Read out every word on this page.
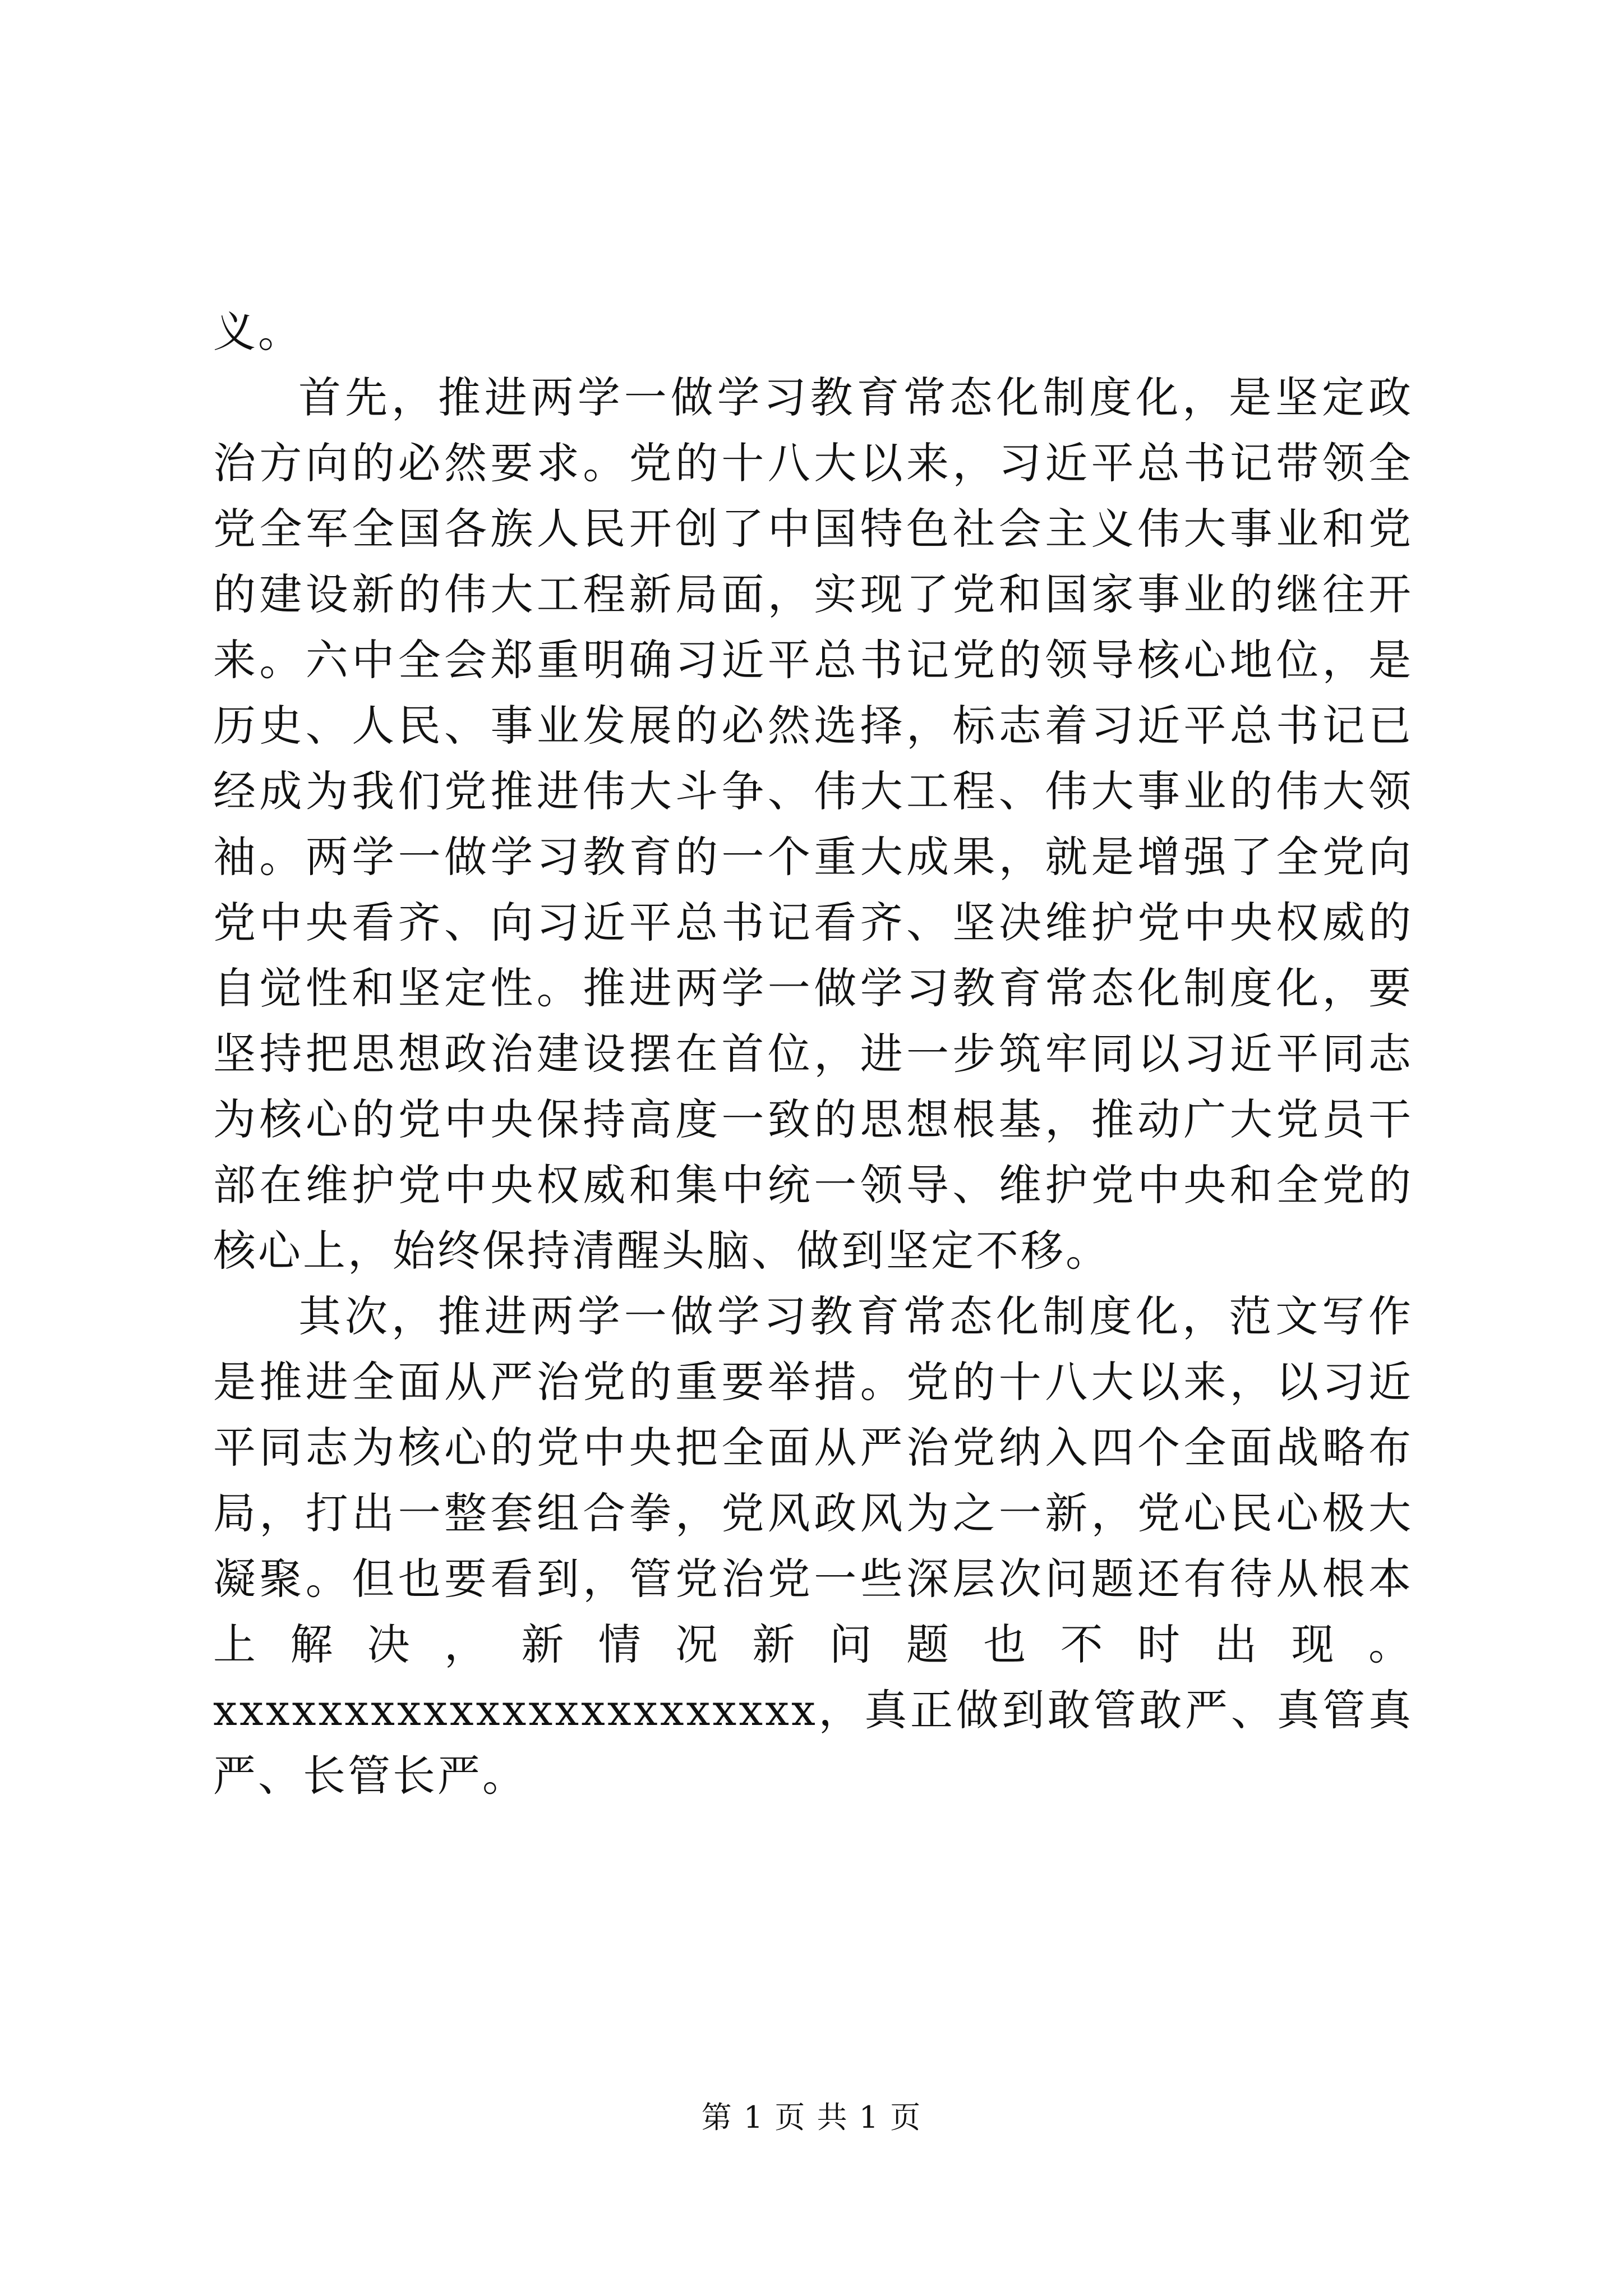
义。

首先，推进两学一做学习教育常态化制度化，是坚定政治方向的必然要求。党的十八大以来，习近平总书记带领全党全军全国各族人民开创了中国特色社会主义伟大事业和党的建设新的伟大工程新局面，实现了党和国家事业的继往开来。六中全会郑重明确习近平总书记党的领导核心地位，是历史、人民、事业发展的必然选择，标志着习近平总书记已经成为我们党推进伟大斗争、伟大工程、伟大事业的伟大领袖。两学一做学习教育的一个重大成果，就是增强了全党向党中央看齐、向习近平总书记看齐、坚决维护党中央权威的自觉性和坚定性。推进两学一做学习教育常态化制度化，要坚持把思想政治建设摆在首位，进一步筑牢同以习近平同志为核心的党中央保持高度一致的思想根基，推动广大党员干部在维护党中央权威和集中统一领导、维护党中央和全党的核心上，始终保持清醒头脑、做到坚定不移。

其次，推进两学一做学习教育常态化制度化，范文写作是推进全面从严治党的重要举措。党的十八大以来，以习近平同志为核心的党中央把全面从严治党纳入四个全面战略布局，打出一整套组合拳，党风政风为之一新，党心民心极大凝聚。但也要看到，管党治党一些深层次问题还有待从根本上解决，新情况新问题也不时出现。xxxxxxxxxxxxxxxxxxxxxxx，真正做到敢管敢严、真管真严、长管长严。

第 1 页 共 1 页
